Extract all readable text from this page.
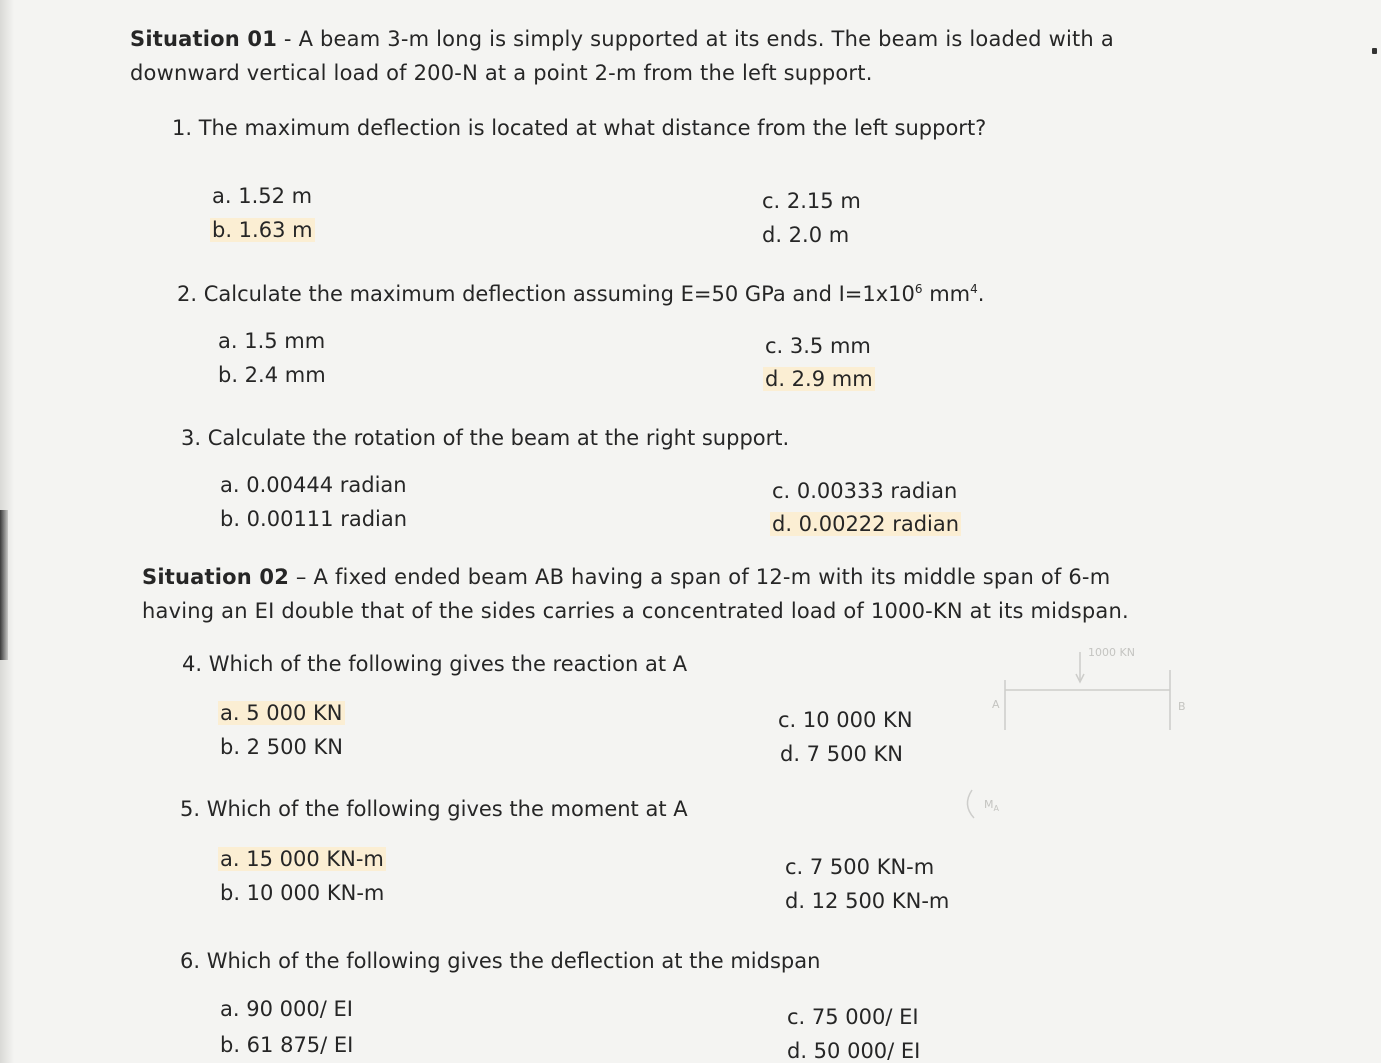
Situation 01 - A beam 3-m long is simply supported at its ends. The beam is loaded with a
downward vertical load of 200-N at a point 2-m from the left support.
1. The maximum deflection is located at what distance from the left support?
a. 1.52 m
b. 1.63 m
c. 2.15 m
d. 2.0 m
2. Calculate the maximum deflection assuming E=50 GPa and $I=1x10^6$ $mm^4$.
a. 1.5 mm
b. 2.4 mm
c. 3.5 mm
d. 2.9 mm
3. Calculate the rotation of the beam at the right support.
a. 0.00444 radian
b. 0.00111 radian
c. 0.00333 radian
d. 0.00222 radian
Situation 02 – A fixed ended beam AB having a span of 12-m with its middle span of 6-m
having an EI double that of the sides carries a concentrated load of 1000-KN at its midspan.
4. Which of the following gives the reaction at A
a. 5 000 KN
b. 2 500 KN
c. 10 000 KN
d. 7 500 KN
5. Which of the following gives the moment at A
a. 15 000 KN-m
b. 10 000 KN-m
c. 7 500 KN-m
d. 12 500 KN-m
6. Which of the following gives the deflection at the midspan
a. 90 000/ EI
b. 61 875/ EI
c. 75 000/ EI
d. 50 000/ EI
1000 KN
A	B
$M_A$
